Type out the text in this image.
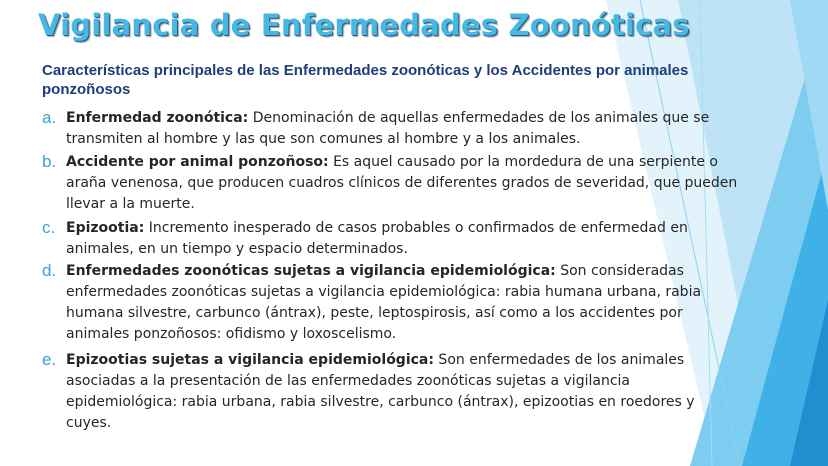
Vigilancia de Enfermedades Zoonóticas
Características principales de las Enfermedades zoonóticas y los Accidentes por animales ponzoñosos
a. Enfermedad zoonótica: Denominación de aquellas enfermedades de los animales que se transmiten al hombre y las que son comunes al hombre y a los animales.
b. Accidente por animal ponzoñoso: Es aquel causado por la mordedura de una serpiente o araña venenosa, que producen cuadros clínicos de diferentes grados de severidad, que pueden llevar a la muerte.
c. Epizootia: Incremento inesperado de casos probables o confirmados de enfermedad en animales, en un tiempo y espacio determinados.
d. Enfermedades zoonóticas sujetas a vigilancia epidemiológica: Son consideradas enfermedades zoonóticas sujetas a vigilancia epidemiológica: rabia humana urbana, rabia humana silvestre, carbunco (ántrax), peste, leptospirosis, así como a los accidentes por animales ponzoñosos: ofidismo y loxoscelismo.
e. Epizootias sujetas a vigilancia epidemiológica: Son enfermedades de los animales asociadas a la presentación de las enfermedades zoonóticas sujetas a vigilancia epidemiológica: rabia urbana, rabia silvestre, carbunco (ántrax), epizootias en roedores y cuyes.
